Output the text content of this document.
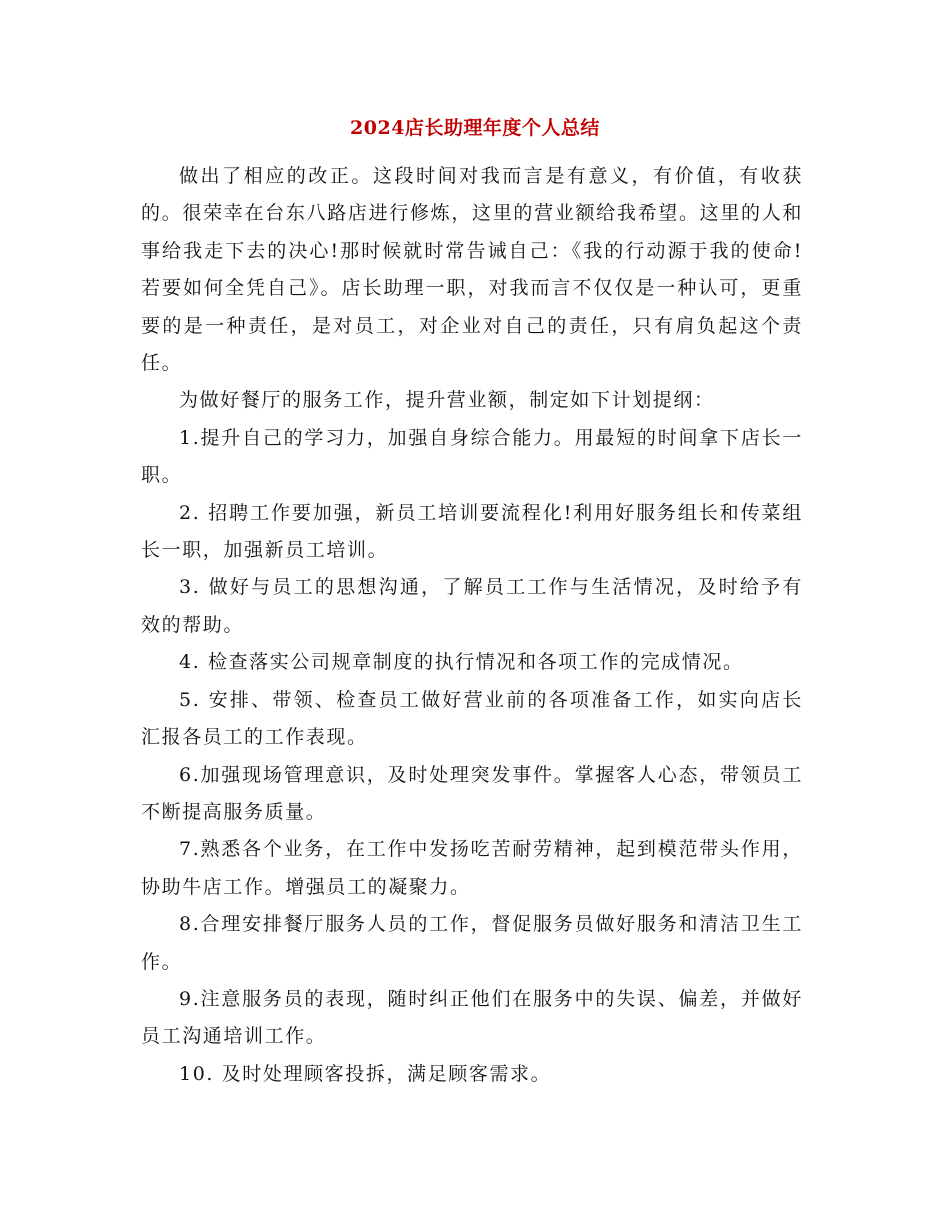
2024店长助理年度个人总结

做出了相应的改正。这段时间对我而言是有意义，有价值，有收获的。很荣幸在台东八路店进行修炼，这里的营业额给我希望。这里的人和事给我走下去的决心!那时候就时常告诫自己：《我的行动源于我的使命!若要如何全凭自己》。店长助理一职，对我而言不仅仅是一种认可，更重要的是一种责任，是对员工，对企业对自己的责任，只有肩负起这个责任。

为做好餐厅的服务工作，提升营业额，制定如下计划提纲：

1.提升自己的学习力，加强自身综合能力。用最短的时间拿下店长一职。

2. 招聘工作要加强，新员工培训要流程化!利用好服务组长和传菜组长一职，加强新员工培训。

3. 做好与员工的思想沟通，了解员工工作与生活情况，及时给予有效的帮助。

4. 检查落实公司规章制度的执行情况和各项工作的完成情况。

5. 安排、带领、检查员工做好营业前的各项准备工作，如实向店长汇报各员工的工作表现。

6.加强现场管理意识，及时处理突发事件。掌握客人心态，带领员工不断提高服务质量。

7.熟悉各个业务，在工作中发扬吃苦耐劳精神，起到模范带头作用，协助牛店工作。增强员工的凝聚力。

8.合理安排餐厅服务人员的工作，督促服务员做好服务和清洁卫生工作。

9.注意服务员的表现，随时纠正他们在服务中的失误、偏差，并做好员工沟通培训工作。

10. 及时处理顾客投拆，满足顾客需求。
